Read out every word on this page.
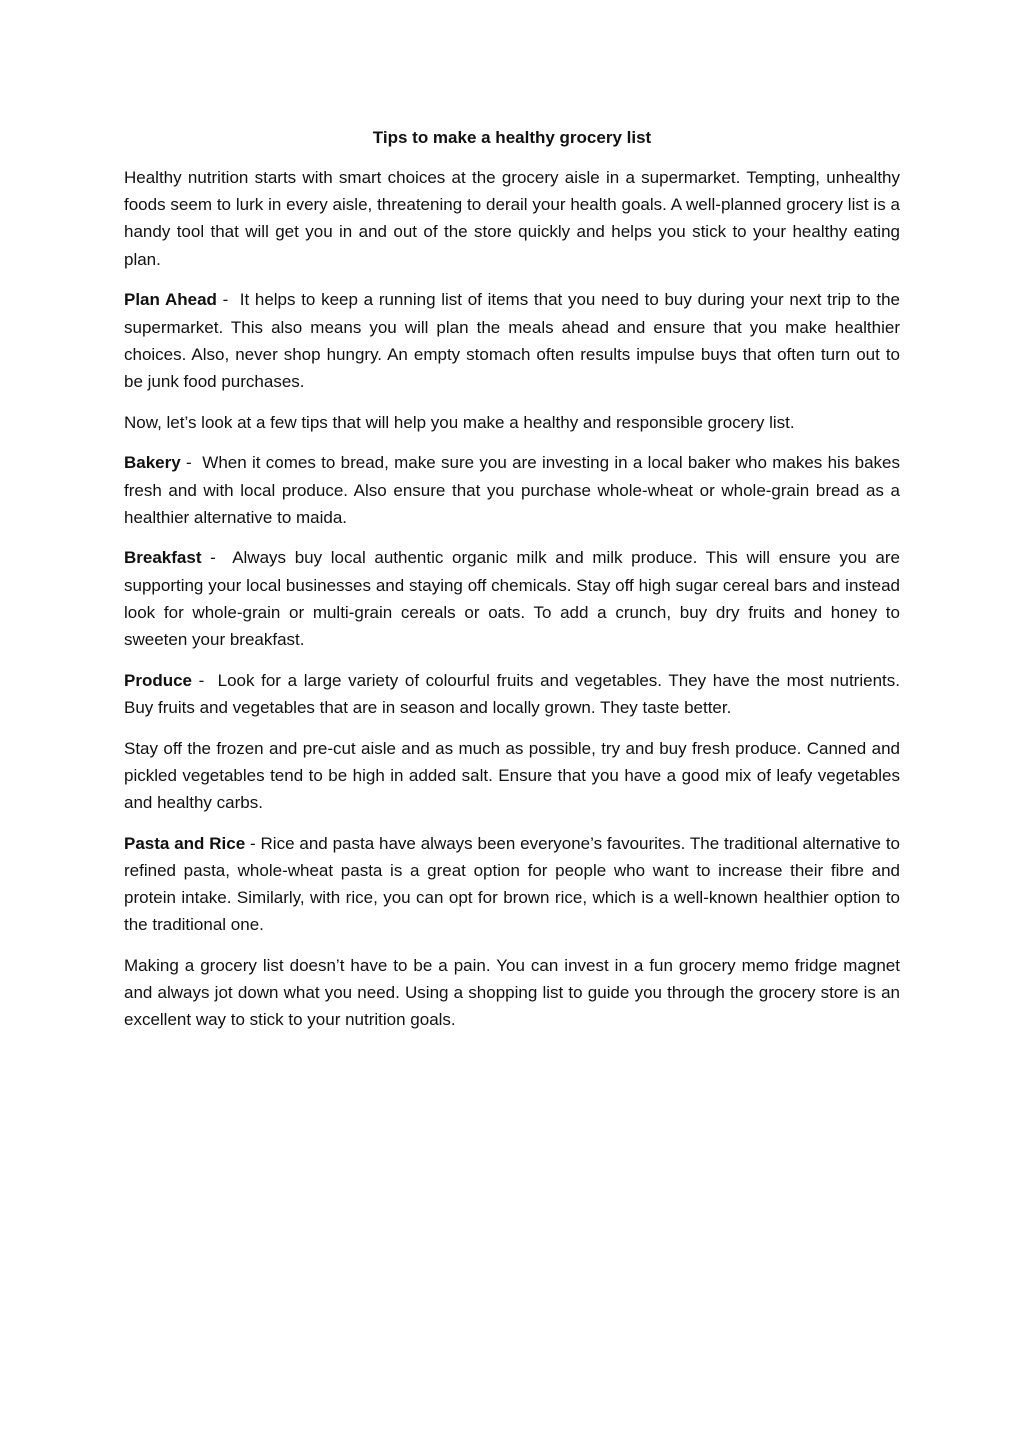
Tips to make a healthy grocery list

Healthy nutrition starts with smart choices at the grocery aisle in a supermarket. Tempting, unhealthy foods seem to lurk in every aisle, threatening to derail your health goals. A well-planned grocery list is a handy tool that will get you in and out of the store quickly and helps you stick to your healthy eating plan.

Plan Ahead -  It helps to keep a running list of items that you need to buy during your next trip to the supermarket. This also means you will plan the meals ahead and ensure that you make healthier choices. Also, never shop hungry. An empty stomach often results impulse buys that often turn out to be junk food purchases.

Now, let’s look at a few tips that will help you make a healthy and responsible grocery list.

Bakery -  When it comes to bread, make sure you are investing in a local baker who makes his bakes fresh and with local produce. Also ensure that you purchase whole-wheat or whole-grain bread as a healthier alternative to maida.

Breakfast -  Always buy local authentic organic milk and milk produce. This will ensure you are supporting your local businesses and staying off chemicals. Stay off high sugar cereal bars and instead look for whole-grain or multi-grain cereals or oats. To add a crunch, buy dry fruits and honey to sweeten your breakfast.

Produce -  Look for a large variety of colourful fruits and vegetables. They have the most nutrients. Buy fruits and vegetables that are in season and locally grown. They taste better.

Stay off the frozen and pre-cut aisle and as much as possible, try and buy fresh produce. Canned and pickled vegetables tend to be high in added salt. Ensure that you have a good mix of leafy vegetables and healthy carbs.

Pasta and Rice - Rice and pasta have always been everyone’s favourites. The traditional alternative to refined pasta, whole-wheat pasta is a great option for people who want to increase their fibre and protein intake. Similarly, with rice, you can opt for brown rice, which is a well-known healthier option to the traditional one.

Making a grocery list doesn’t have to be a pain. You can invest in a fun grocery memo fridge magnet and always jot down what you need. Using a shopping list to guide you through the grocery store is an excellent way to stick to your nutrition goals.
